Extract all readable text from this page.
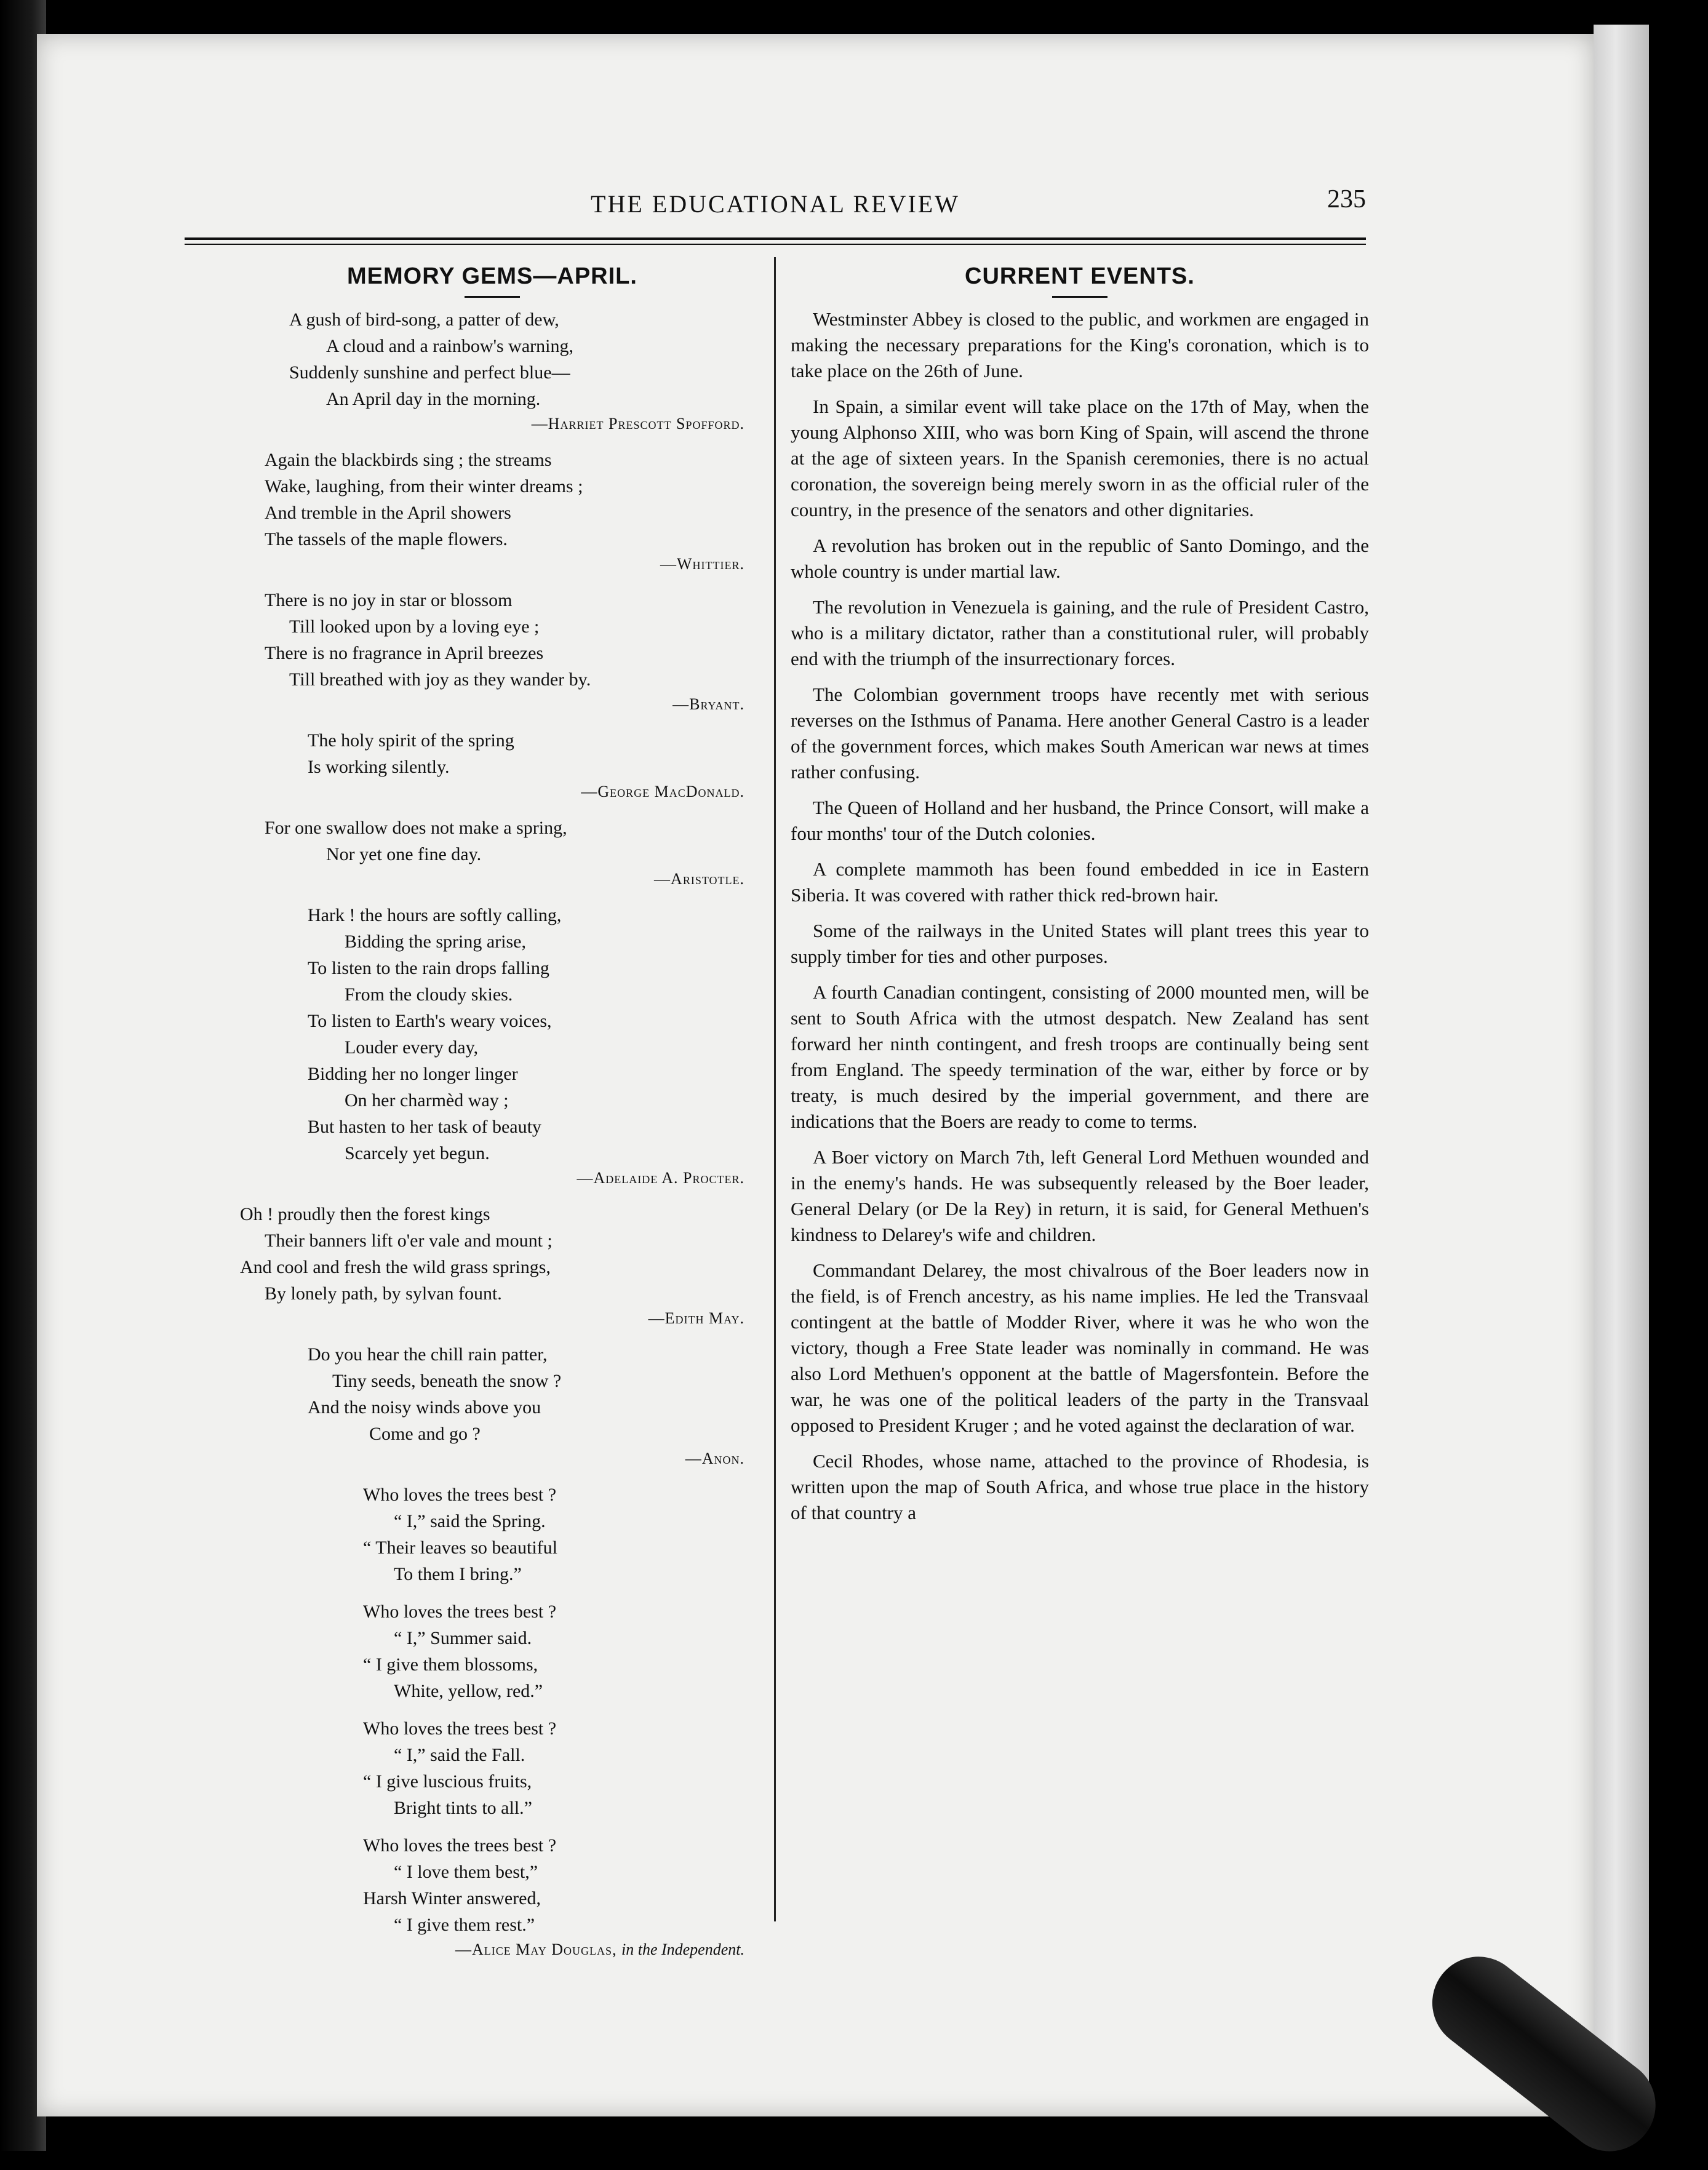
THE EDUCATIONAL REVIEW	235
MEMORY GEMS—APRIL.
A gush of bird-song, a patter of dew,
A cloud and a rainbow's warning,
Suddenly sunshine and perfect blue—
An April day in the morning.
—Harriet Prescott Spofford.
Again the blackbirds sing ; the streams
Wake, laughing, from their winter dreams ;
And tremble in the April showers
The tassels of the maple flowers.
—Whittier.
There is no joy in star or blossom
Till looked upon by a loving eye ;
There is no fragrance in April breezes
Till breathed with joy as they wander by.
—Bryant.
The holy spirit of the spring
Is working silently.
—George MacDonald.
For one swallow does not make a spring,
Nor yet one fine day.
—Aristotle.
Hark ! the hours are softly calling,
Bidding the spring arise,
To listen to the rain drops falling
From the cloudy skies.
To listen to Earth's weary voices,
Louder every day,
Bidding her no longer linger
On her charmèd way ;
But hasten to her task of beauty
Scarcely yet begun.
—Adelaide A. Procter.
Oh ! proudly then the forest kings
Their banners lift o'er vale and mount ;
And cool and fresh the wild grass springs,
By lonely path, by sylvan fount.
—Edith May.
Do you hear the chill rain patter,
Tiny seeds, beneath the snow ?
And the noisy winds above you
Come and go ?
—Anon.
Who loves the trees best ?
“ I,” said the Spring.
“ Their leaves so beautiful
To them I bring.”
Who loves the trees best ?
“ I,” Summer said.
“ I give them blossoms,
White, yellow, red.”
Who loves the trees best ?
“ I,” said the Fall.
“ I give luscious fruits,
Bright tints to all.”
Who loves the trees best ?
“ I love them best,”
Harsh Winter answered,
“ I give them rest.”
—Alice May Douglas, in the Independent.
CURRENT EVENTS.

Westminster Abbey is closed to the public, and workmen are engaged in making the necessary preparations for the King's coronation, which is to take place on the 26th of June.

In Spain, a similar event will take place on the 17th of May, when the young Alphonso XIII, who was born King of Spain, will ascend the throne at the age of sixteen years. In the Spanish ceremonies, there is no actual coronation, the sovereign being merely sworn in as the official ruler of the country, in the presence of the senators and other dignitaries.

A revolution has broken out in the republic of Santo Domingo, and the whole country is under martial law.

The revolution in Venezuela is gaining, and the rule of President Castro, who is a military dictator, rather than a constitutional ruler, will probably end with the triumph of the insurrectionary forces.

The Colombian government troops have recently met with serious reverses on the Isthmus of Panama. Here another General Castro is a leader of the government forces, which makes South American war news at times rather confusing.

The Queen of Holland and her husband, the Prince Consort, will make a four months' tour of the Dutch colonies.

A complete mammoth has been found embedded in ice in Eastern Siberia. It was covered with rather thick red-brown hair.

Some of the railways in the United States will plant trees this year to supply timber for ties and other purposes.

A fourth Canadian contingent, consisting of 2000 mounted men, will be sent to South Africa with the utmost despatch. New Zealand has sent forward her ninth contingent, and fresh troops are continually being sent from England. The speedy termination of the war, either by force or by treaty, is much desired by the imperial government, and there are indications that the Boers are ready to come to terms.

A Boer victory on March 7th, left General Lord Methuen wounded and in the enemy's hands. He was subsequently released by the Boer leader, General Delary (or De la Rey) in return, it is said, for General Methuen's kindness to Delarey's wife and children.

Commandant Delarey, the most chivalrous of the Boer leaders now in the field, is of French ancestry, as his name implies. He led the Transvaal contingent at the battle of Modder River, where it was he who won the victory, though a Free State leader was nominally in command. He was also Lord Methuen's opponent at the battle of Magersfontein. Before the war, he was one of the political leaders of the party in the Transvaal opposed to President Kruger ; and he voted against the declaration of war.

Cecil Rhodes, whose name, attached to the province of Rhodesia, is written upon the map of South Africa, and whose true place in the history of that country a
